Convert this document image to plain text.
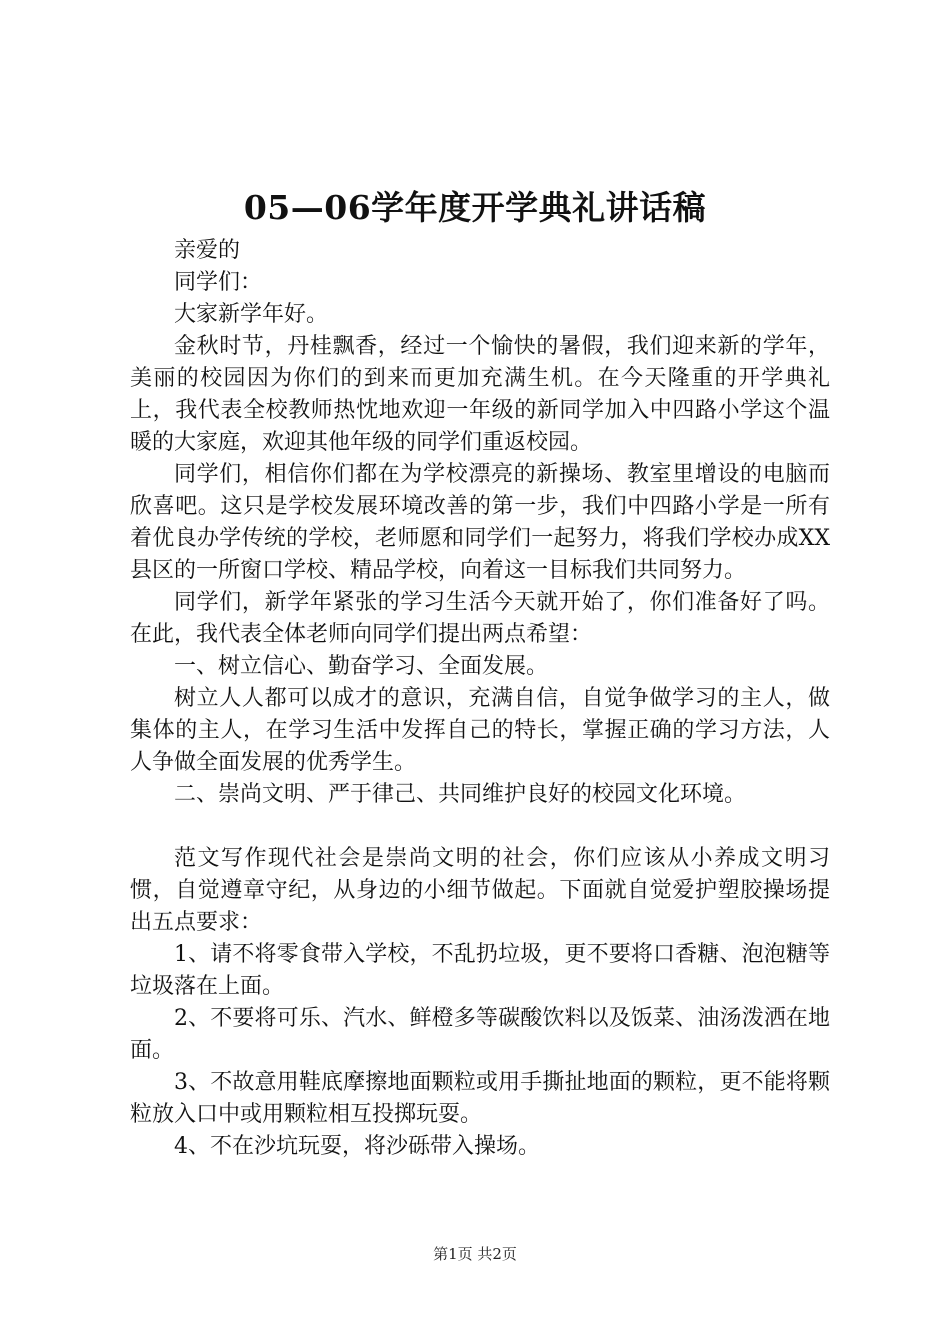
05—06学年度开学典礼讲话稿

亲爱的

同学们：

大家新学年好。

金秋时节，丹桂飘香，经过一个愉快的暑假，我们迎来新的学年，美丽的校园因为你们的到来而更加充满生机。在今天隆重的开学典礼上，我代表全校教师热忱地欢迎一年级的新同学加入中四路小学这个温暖的大家庭，欢迎其他年级的同学们重返校园。

同学们，相信你们都在为学校漂亮的新操场、教室里增设的电脑而欣喜吧。这只是学校发展环境改善的第一步，我们中四路小学是一所有着优良办学传统的学校，老师愿和同学们一起努力，将我们学校办成XX县区的一所窗口学校、精品学校，向着这一目标我们共同努力。

同学们，新学年紧张的学习生活今天就开始了，你们准备好了吗。在此，我代表全体老师向同学们提出两点希望：

一、树立信心、勤奋学习、全面发展。

树立人人都可以成才的意识，充满自信，自觉争做学习的主人，做集体的主人，在学习生活中发挥自己的特长，掌握正确的学习方法，人人争做全面发展的优秀学生。

二、崇尚文明、严于律己、共同维护良好的校园文化环境。

范文写作现代社会是崇尚文明的社会，你们应该从小养成文明习惯，自觉遵章守纪，从身边的小细节做起。下面就自觉爱护塑胶操场提出五点要求：

1、请不将零食带入学校，不乱扔垃圾，更不要将口香糖、泡泡糖等垃圾落在上面。

2、不要将可乐、汽水、鲜橙多等碳酸饮料以及饭菜、油汤泼洒在地面。

3、不故意用鞋底摩擦地面颗粒或用手撕扯地面的颗粒，更不能将颗粒放入口中或用颗粒相互投掷玩耍。

4、不在沙坑玩耍，将沙砾带入操场。

第1页 共2页
